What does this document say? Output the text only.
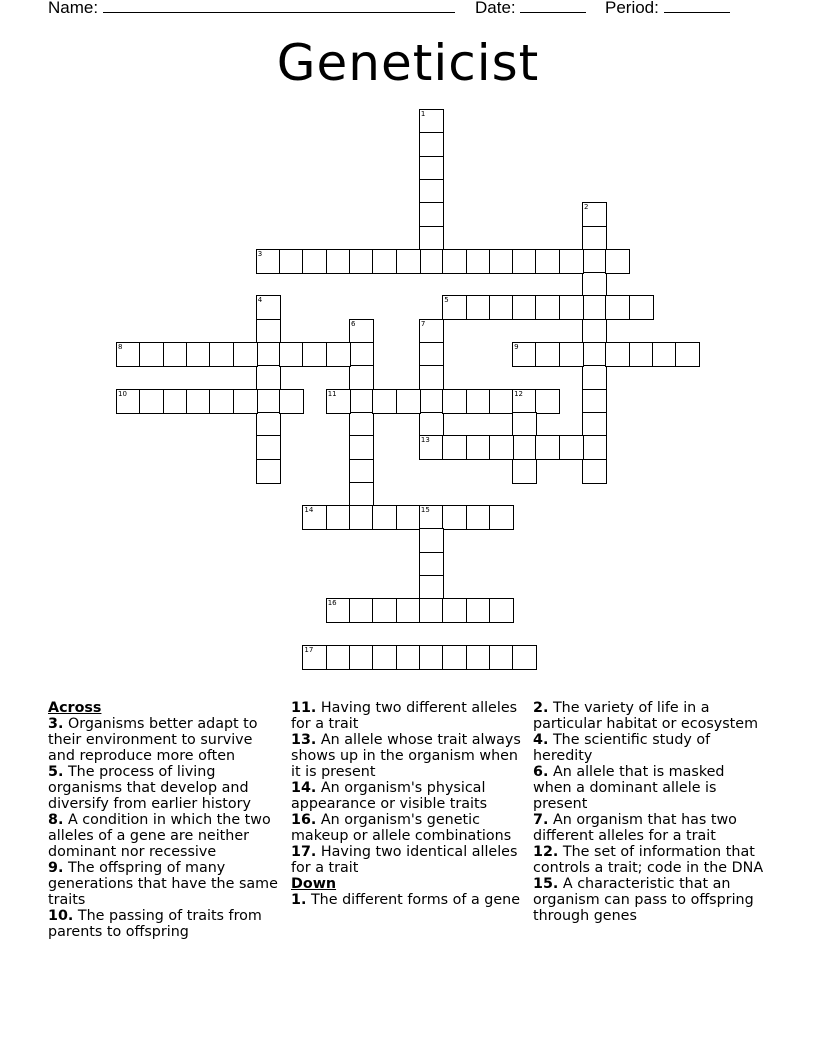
Name:	Date:	Period:
Geneticist
1
2
3
4	5
6	7
8	9
10	11	12
13
14	15
16
17
Across
3. Organisms better adapt to their environment to survive and reproduce more often
5. The process of living organisms that develop and diversify from earlier history
8. A condition in which the two alleles of a gene are neither dominant nor recessive
9. The offspring of many generations that have the same traits
10. The passing of traits from parents to offspring
11. Having two different alleles for a trait
13. An allele whose trait always shows up in the organism when it is present
14. An organism's physical appearance or visible traits
16. An organism's genetic makeup or allele combinations
17. Having two identical alleles for a trait
Down
1. The different forms of a gene
2. The variety of life in a particular habitat or ecosystem
4. The scientific study of heredity
6. An allele that is masked when a dominant allele is present
7. An organism that has two different alleles for a trait
12. The set of information that controls a trait; code in the DNA
15. A characteristic that an organism can pass to offspring through genes
